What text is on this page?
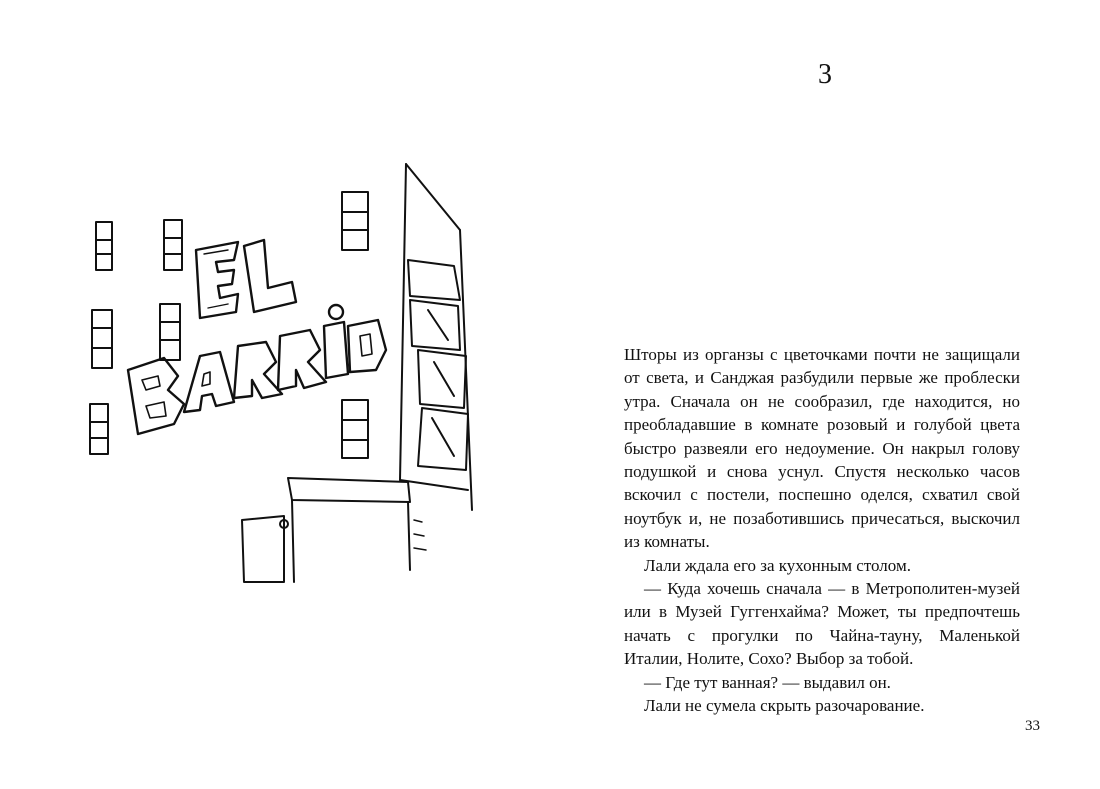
3

Шторы из органзы с цветочками почти не защищали от света, и Санджая разбудили первые же проблески утра. Сначала он не сообразил, где находится, но преобладавшие в комнате розовый и голубой цвета быстро развеяли его недоумение. Он накрыл голову подушкой и снова уснул. Спустя несколько часов вскочил с постели, поспешно оделся, схватил свой ноутбук и, не позаботившись причесаться, выскочил из комнаты.

Лали ждала его за кухонным столом.

— Куда хочешь сначала — в Метрополитен-музей или в Музей Гуггенхайма? Может, ты предпочтешь начать с прогулки по Чайна-тауну, Маленькой Италии, Нолите, Сохо? Выбор за тобой.

— Где тут ванная? — выдавил он.

Лали не сумела скрыть разочарование.

33
